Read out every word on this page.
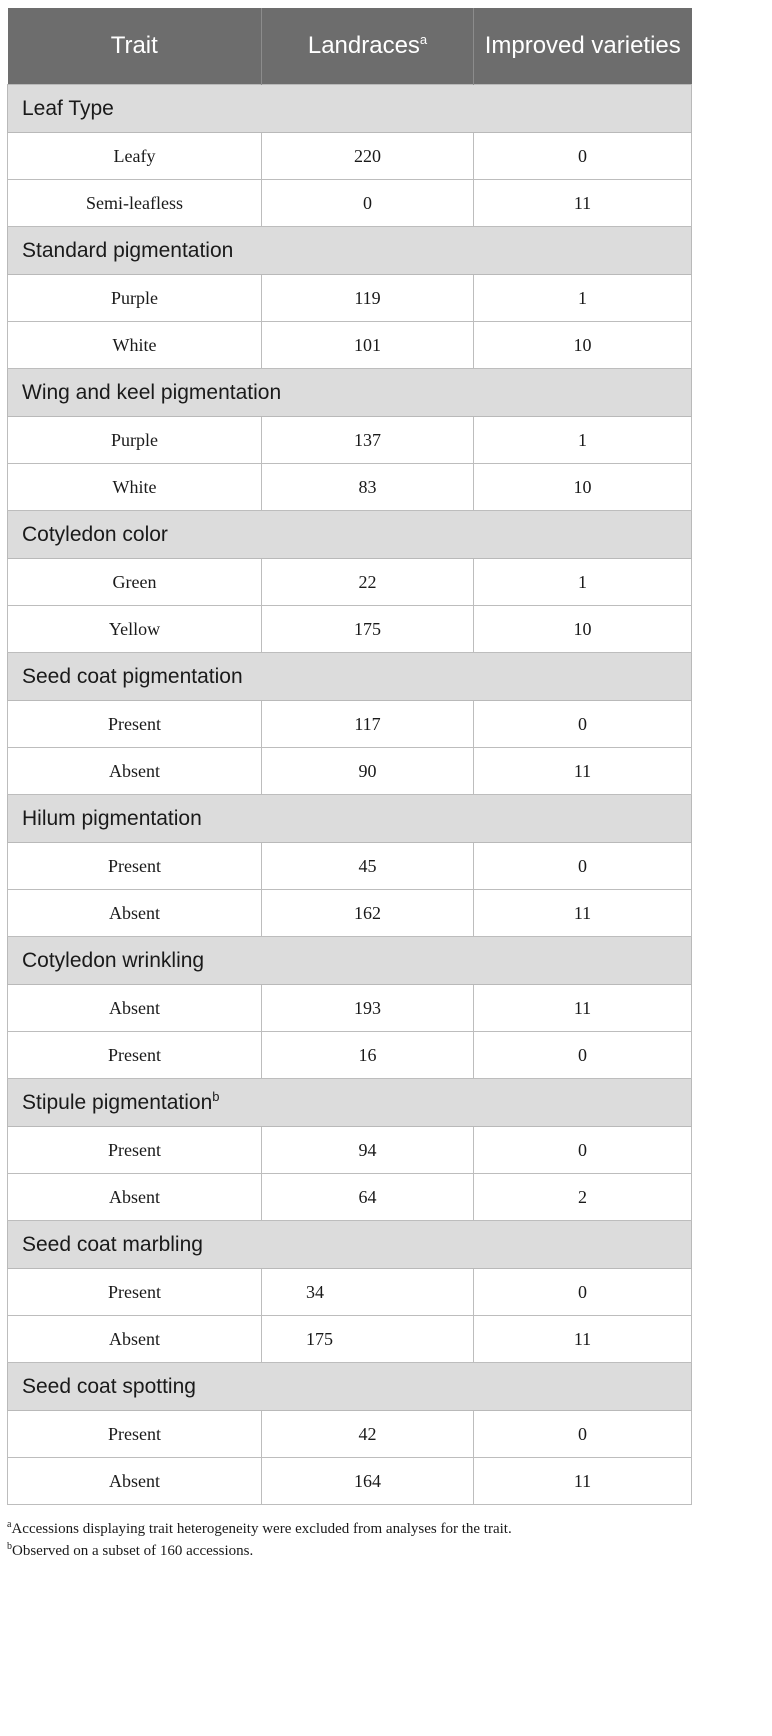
Trait	Landraces$^a$	Improved varieties
Leaf Type		
Leafy	220	0
Semi-leafless	0	11
Standard pigmentation		
Purple	119	1
White	101	10
Wing and keel pigmentation		
Purple	137	1
White	83	10
Cotyledon color		
Green	22	1
Yellow	175	10
Seed coat pigmentation		
Present	117	0
Absent	90	11
Hilum pigmentation		
Present	45	0
Absent	162	11
Cotyledon wrinkling		
Absent	193	11
Present	16	0
Stipule pigmentation$^b$
Present	94	0
Absent	64	2
Seed coat marbling		
Present	34	0
Absent	175	11
Seed coat spotting		
Present	42	0
Absent	164	11
$^a$Accessions displaying trait heterogeneity were excluded from analyses for the trait.
$^b$Observed on a subset of 160 accessions.
